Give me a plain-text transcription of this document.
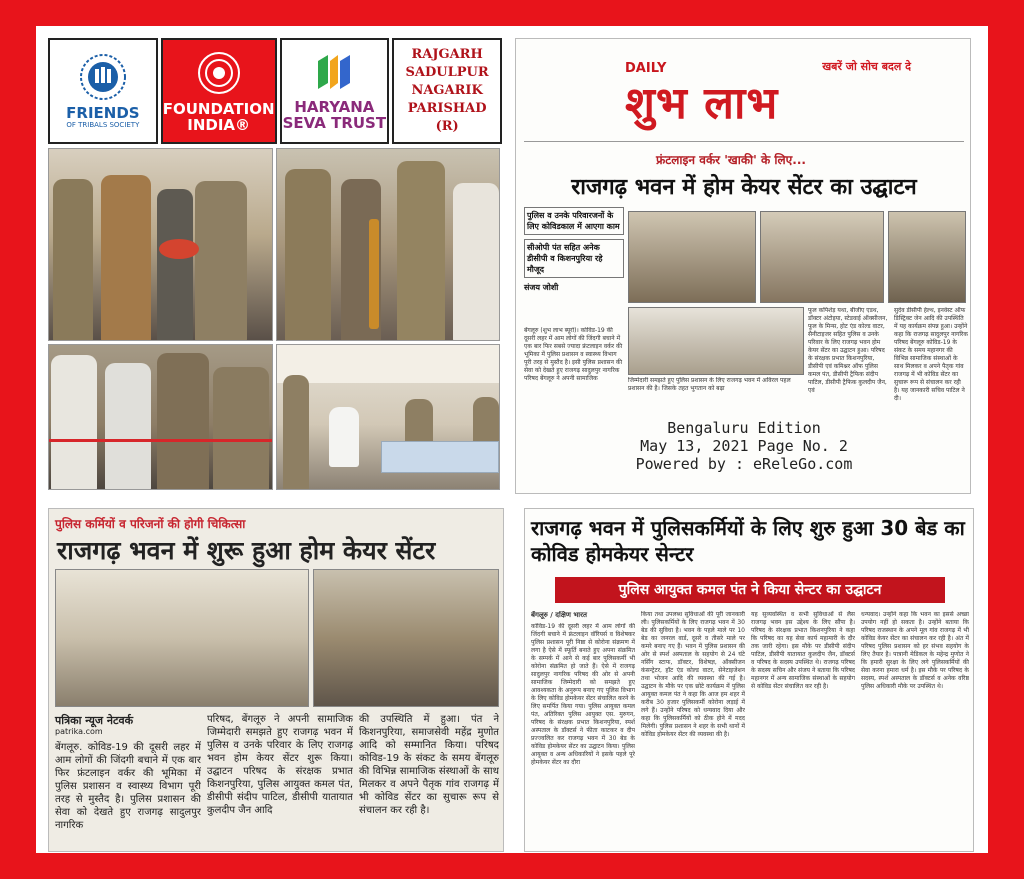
FRIENDS
OF TRIBALS SOCIETY
FOUNDATION
INDIA®
HARYANA
SEVA TRUST
RAJGARH
SADULPUR
NAGARIK
PARISHAD (R)
DAILY
शुभ लाभ
खबरें जो सोच बदल दे
फ्रंटलाइन वर्कर 'खाकी' के लिए...
राजगढ़ भवन में होम केयर सेंटर का उद्घाटन
पुलिस व उनके परिवारजनों के लिए कोविडकाल में आएगा काम
सीओपी पंत सहित अनेक डीसीपी व किशनपुरिया रहे मौजूद
संजय जोशी
बेंगलूरु (शुभ लाभ ब्यूरो)। कोविड-19 की दूसरी लहर में आम लोगों की जिंदगी बचाने में एक बार फिर सबसे ज्यादा फ्रंटलाइन वर्कर की भूमिका में पुलिस प्रशासन व स्वास्थ्य विभाग पूरी तरह से मुस्तैद है। इसी पुलिस प्रशासन की सेवा को देखते हुए राजगढ़ सादुलपुर नागरिक परिषद बेंगलूरु ने अपनी सामाजिक	जिम्मेदारी समझते हुए पुलिस प्रशासन के लिए राजगढ़ भवन में अविरल पहल प्रशासन की है। जिसके तहत भुगतान को बढ़ा
फूल कपिशेड़ यथा, बीजीए एडथ, डॉक्टर अंटोइया, स्टेडवाई ऑक्सीजन, फूल के मिन्स, होट एंड कोल्ड वाटर, सैनीटाइजर सहित पुलिस व उनके परिवार के लिए राजगढ़ भवन होम केयर सेंटर का उद्घाटन हुआ। परिषद के संरक्षक प्रभात किशनपुरिया, डीसीपी एवं कमिश्नर ऑफ पुलिस कमल पंत, डीसीपी ट्रैफिक संदीप पाटिल, डीसीपी ट्रैफिक कुलदीप जैन, एवं
सुदेव डीसीपी हेल्थ, इनवेस्ट ऑफ डिस्ट्रिक्ट जेन आदि की उपस्थिति में यह कार्यक्रम संपन्न हुआ। उन्होंने कहा कि राजगढ़ सादुलपुर नागरिक परिषद बेंगलूरु कोविड-19 के संकट के समय महानगर की विभिन्न सामाजिक संस्थाओं के साथ मिलकर व अपने पैतृक गांव राजगढ़ में भी कोविड सेंटर का सुचारू रूप से संचालन कर रही है। यह जानकारी सचिव पाटिल ने दी।
Bengaluru Edition
May 13, 2021 Page No. 2
Powered by : eReleGo.com
पुलिस कर्मियों व परिजनों की होगी चिकित्सा
राजगढ़ भवन में शुरू हुआ होम केयर सेंटर
पत्रिका न्यूज नेटवर्क
patrika.com
बेंगलूरु. कोविड-19 की दूसरी लहर में आम लोगों की जिंदगी बचाने में एक बार फिर फ्रंटलाइन वर्कर की भूमिका में पुलिस प्रशासन व स्वास्थ्य विभाग पूरी तरह से मुस्तैद है। पुलिस प्रशासन की सेवा को देखते हुए राजगढ़ सादुलपुर नागरिक
परिषद, बेंगलूरु ने अपनी सामाजिक जिम्मेदारी समझते हुए राजगढ़ भवन में पुलिस व उनके परिवार के लिए राजगढ़ भवन होम केयर सेंटर शुरू किया। उद्घाटन परिषद के संरक्षक प्रभात किशनपुरिया, पुलिस आयुक्त कमल पंत, डीसीपी संदीप पाटिल, डीसीपी यातायात कुलदीप जैन आदि
की उपस्थिति में हुआ। पंत ने किशनपुरिया, समाजसेवी महेंद्र मुणोत आदि को सम्मानित किया। परिषद कोविड-19 के संकट के समय बेंगलूरु की विभिन्न सामाजिक संस्थाओं के साथ मिलकर व अपने पैतृक गांव राजगढ़ में भी कोविड सेंटर का सुचारू रूप से संचालन कर रही है।
राजगढ़ भवन में पुलिसकर्मियों के लिए शुरु हुआ 30 बेड का कोविड होमकेयर सेन्टर
पुलिस आयुक्त कमल पंत ने किया सेन्टर का उद्घाटन
बेंगलूरु / दक्षिण भारत
कोविड-19 की दूसरी लहर में आम लोगों की जिंदगी बचाने में फ्रंटलाइन वॉरियर्स व विशेषकर पुलिस प्रशासन पूरी निष्ठा से कोरोना संक्रमण में लगा है ऐसे में स्फूर्ति बनाते हुए अपना संक्रमित के सम्पर्क में आने से कई बार पुलिसकर्मी भी कोरोना संक्रमित हो जाते हैं। ऐसे में राजगढ़ सादुलपुर नागरिक परिषद की ओर से अपनी सामाजिक जिम्मेदारी को समझते हुए आवश्यकता के अनुरूप बनाए गए पुलिस विभाग के लिए कोविड होमकेयर सेंटर संचालित करने के लिए समर्पित किया गया। पुलिस आयुक्त कमल पंत, अतिरिक्त पुलिस आयुक्त एस. मुरुगन, परिषद के संरक्षक प्रभात किशनपुरिया, स्पर्श अस्पताल के डॉक्टर्स ने फीता काटकर व दीप प्रज्ज्वलित कर राजगढ़ भवन में 30 बेड के कोविड होमकेयर सेंटर का उद्घाटन किया। पुलिस आयुक्त व अन्य अधिकारियों ने इसके पहले पूरे होमकेयर सेंटर का दौरा
किया तथा उपलब्ध सुविधाओं की पूरी जानकारी ली। पुलिसकर्मियों के लिए राजगढ़ भवन में 30 बेड की सुविधा है। भवन के पहले माले पर 10 बेड का जनरल वार्ड, दूसरे व तीसरे माले पर कमरे बनाए गए हैं। भवन में पुलिस प्रशासन की ओर से स्पर्श अस्पताल के सहयोग से 24 घंटे नर्सिंग स्टाफ, डॉक्टर, विशेषज्ञ, ऑक्सीजन कंसन्ट्रेटर, हॉट एंड कोल्ड वाटर, सेनेटाइजेशन तथा भोजन आदि की व्यवस्था की गई है। उद्घाटन के मौके पर एक छोटे कार्यक्रम में पुलिस आयुक्त कमल पंत ने कहा कि आज हम शहर में करीब 30 हजार पुलिसकर्मी कोरोना लड़ाई में लगे हैं। उन्होंने परिषद को धन्यवाद दिया और कहा कि पुलिसकर्मियों को ठीक होने में मदद मिलेगी। पुलिस प्रशासन ने शहर के सभी थानों में कोविड होमकेयर सेंटर की व्यवस्था की है।
यह सुव्यवस्थित व सभी सुविधाओं से लैस राजगढ़ भवन इस उद्देश्य के लिए सौंपा है। परिषद के संरक्षक प्रभात किशनपुरिया ने कहा कि परिषद का यह सेवा कार्य महामारी के दौर तक जारी रहेगा। इस मौके पर डीसीपी संदीप पाटिल, डीसीपी यातायात कुलदीप जैन, डॉक्टर्स व परिषद के सदस्य उपस्थित थे। राजगढ़ परिषद के सदस्य सचिन और संजय ने बताया कि परिषद महानगर में अन्य सामाजिक संस्थाओं के सहयोग से कोविड सेंटर संचालित कर रही है।
धन्यवाद। उन्होंने कहा कि भवन का इससे अच्छा उपयोग नहीं हो सकता है। उन्होंने बताया कि परिषद राजस्थान के अपने मूल गांव राजगढ़ में भी कोविड केयर सेंटर का संचालन कर रही है। अंत में परिषद पुलिस प्रशासन को हर संभव सहयोग के लिए तैयार है। पात्रानी मेडिकल के महेन्द्र मुणोत ने कि हमारी सुरक्षा के लिए लगे पुलिसकर्मियों की सेवा करना हमारा धर्म है। इस मौके पर परिषद के सदस्य, स्पर्श अस्पताल के डॉक्टर्स व अनेक वरिष्ठ पुलिस अधिकारी मौके पर उपस्थित थे।
